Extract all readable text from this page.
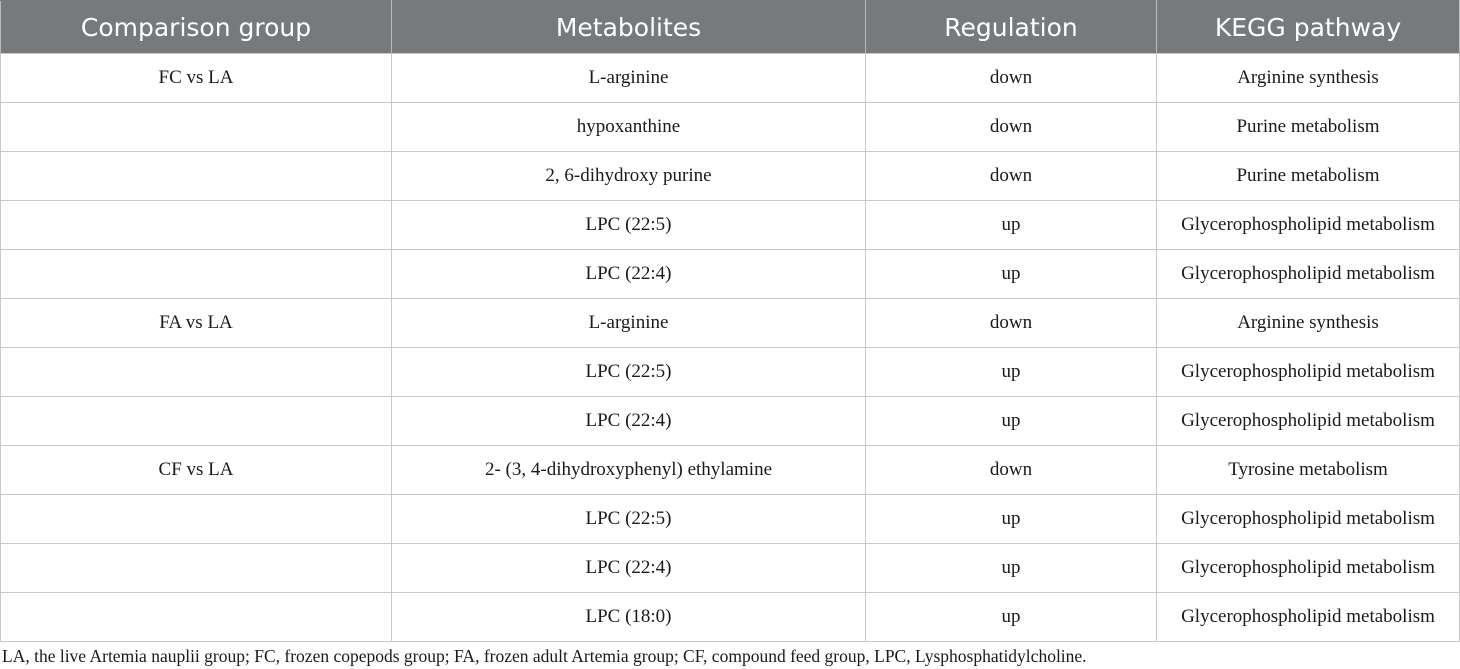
Comparison group	Metabolites	Regulation	KEGG pathway
FC vs LA	L-arginine	down	Arginine synthesis
	hypoxanthine	down	Purine metabolism
	2, 6-dihydroxy purine	down	Purine metabolism
	LPC (22:5)	up	Glycerophospholipid metabolism
	LPC (22:4)	up	Glycerophospholipid metabolism
FA vs LA	L-arginine	down	Arginine synthesis
	LPC (22:5)	up	Glycerophospholipid metabolism
	LPC (22:4)	up	Glycerophospholipid metabolism
CF vs LA	2- (3, 4-dihydroxyphenyl) ethylamine	down	Tyrosine metabolism
	LPC (22:5)	up	Glycerophospholipid metabolism
	LPC (22:4)	up	Glycerophospholipid metabolism
	LPC (18:0)	up	Glycerophospholipid metabolism
LA, the live Artemia nauplii group; FC, frozen copepods group; FA, frozen adult Artemia group; CF, compound feed group, LPC, Lysphosphatidylcholine.
